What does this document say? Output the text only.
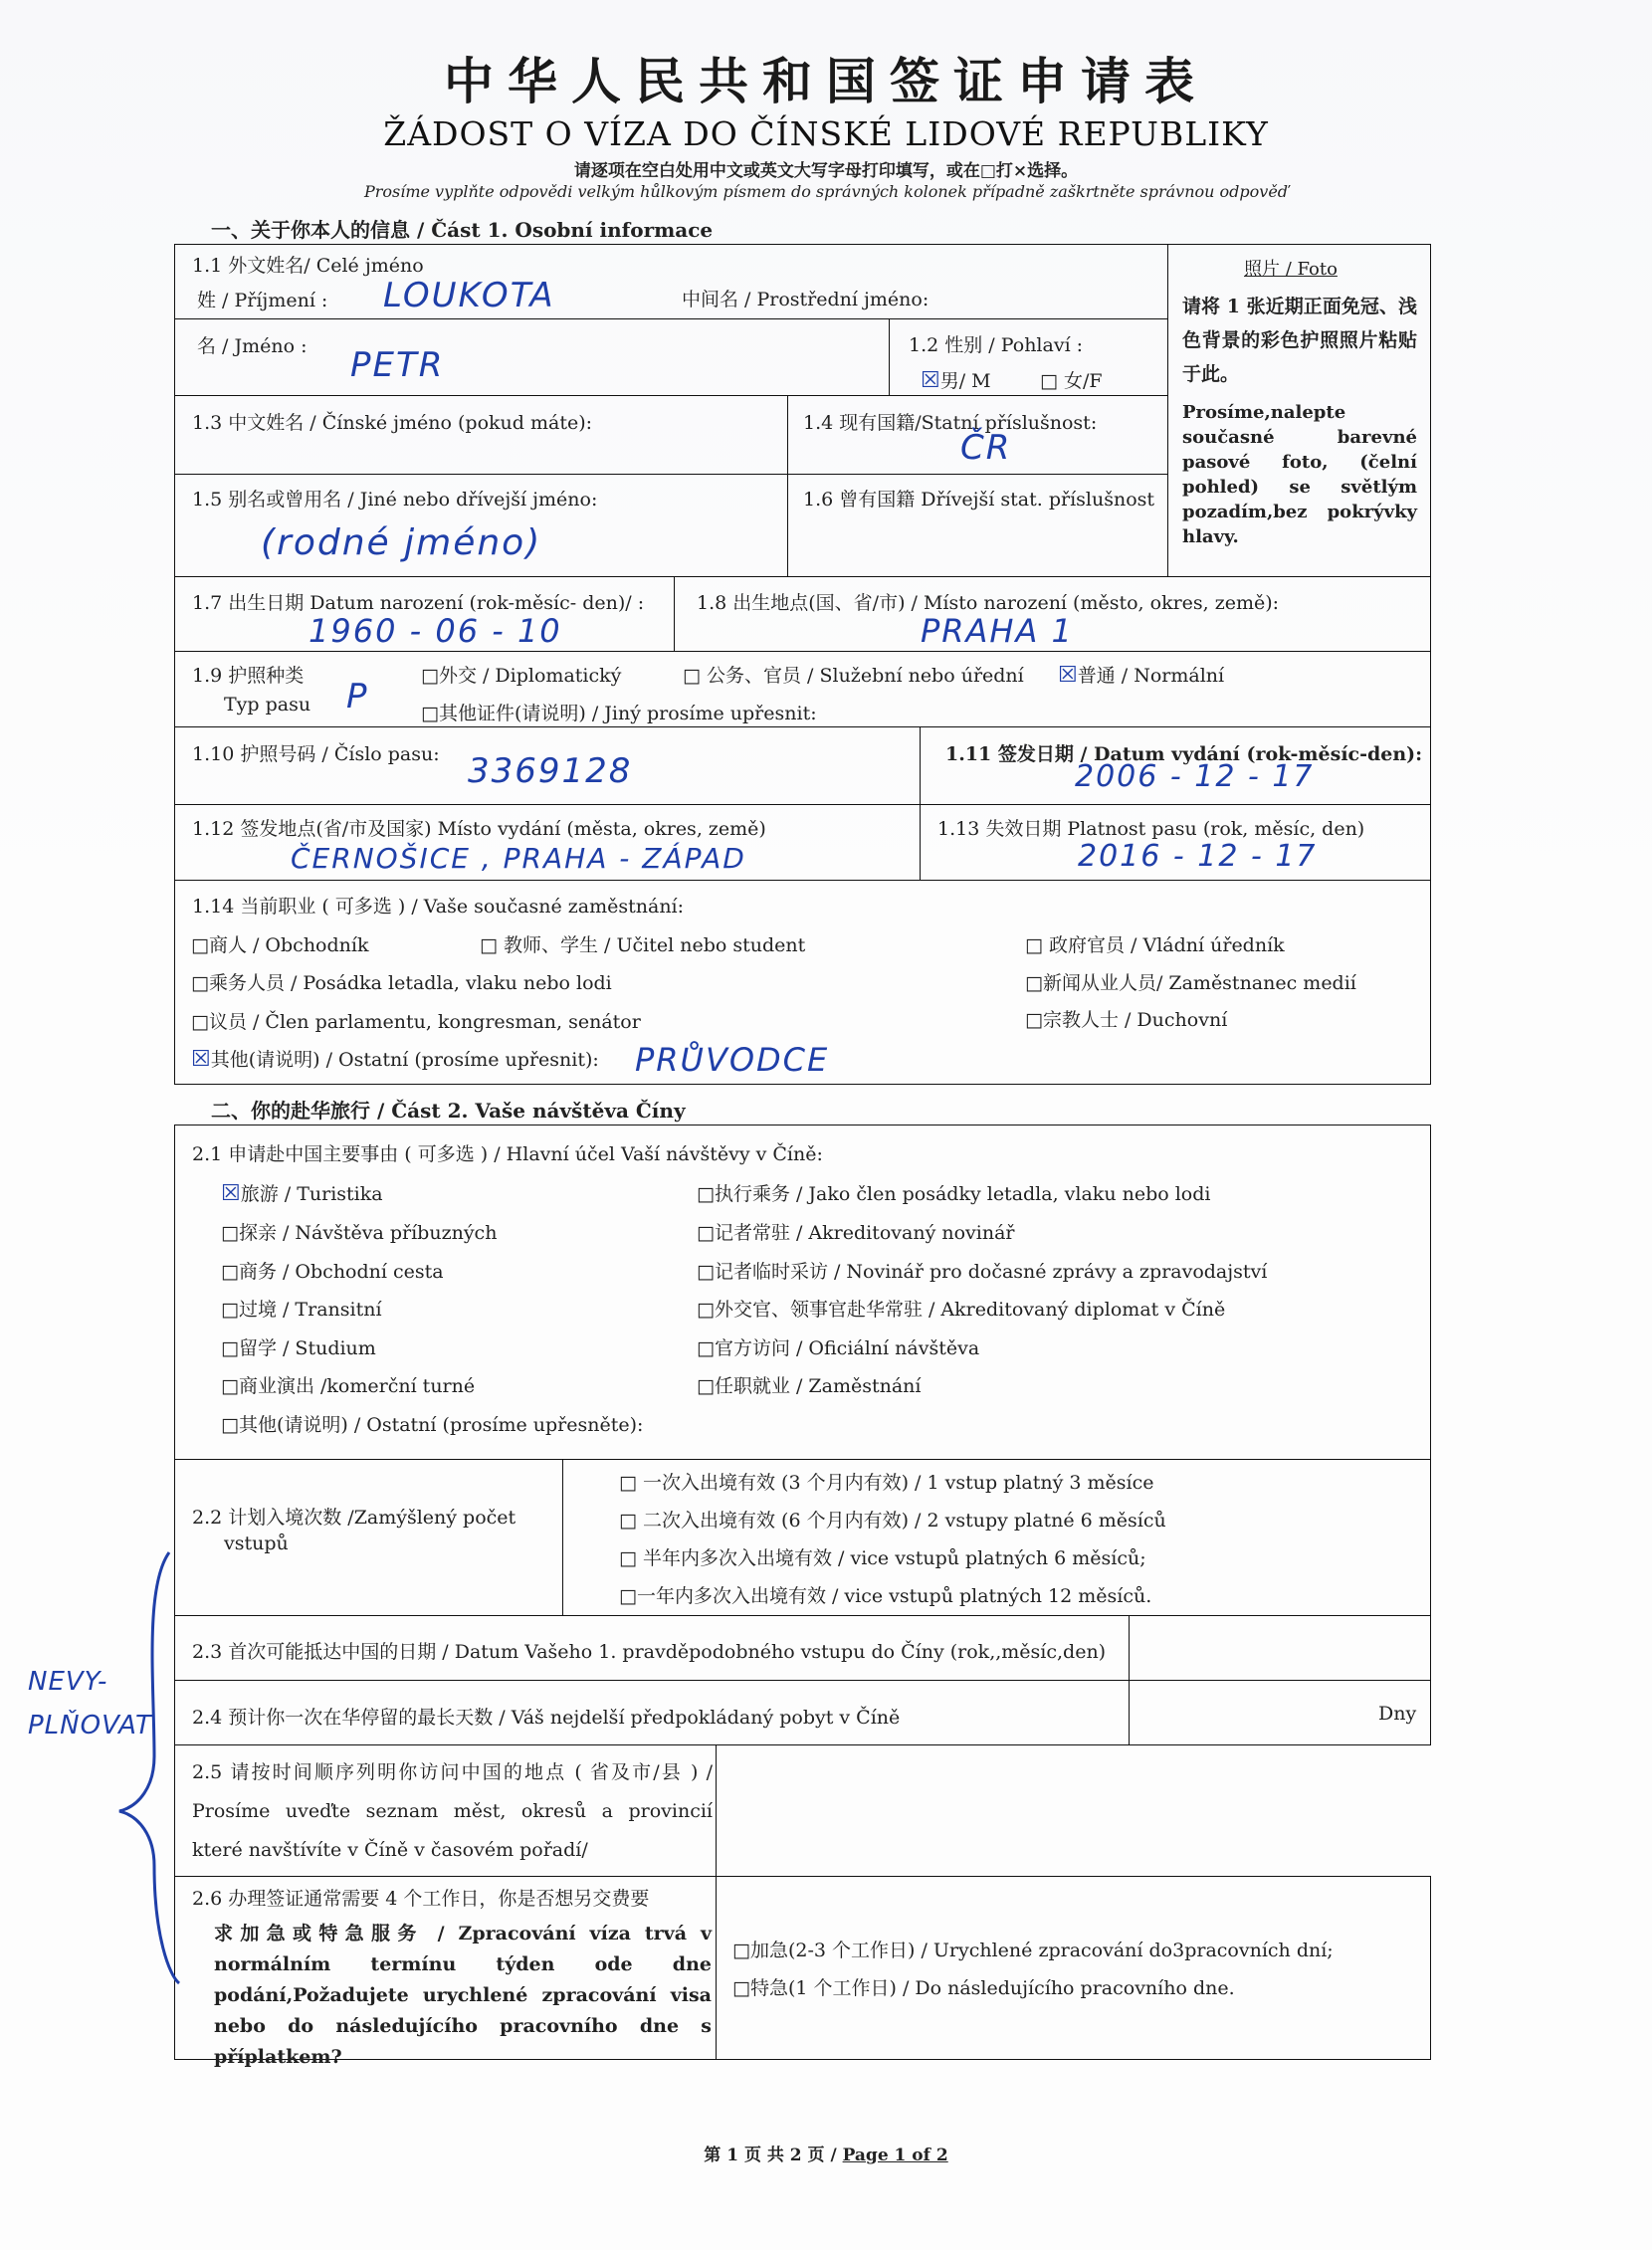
中华人民共和国签证申请表
ŽÁDOST O VÍZA DO ČÍNSKÉ LIDOVÉ REPUBLIKY
请逐项在空白处用中文或英文大写字母打印填写，或在□打×选择。
Prosíme vyplňte odpovědi velkým hůlkovým písmem do správných kolonek případně zaškrtněte správnou odpověď
一、关于你本人的信息 / Část 1. Osobní informace
1.1 外文姓名/ Celé jméno
姓 / Příjmení : LOUKOTA	中间名 / Prostřední jméno:
名 / Jméno : PETR	1.2 性别 / Pohlaví :
☒男/ M	□ 女/F
照片 / Foto
请将 1 张近期正面免冠、浅色背景的彩色护照照片粘贴于此。
Prosíme,nalepte současné barevné pasové foto, (čelní pohled) se světlým pozadím,bez pokrývky hlavy.
1.3 中文姓名 / Čínské jméno (pokud máte):	1.4 现有国籍/Statní příslušnost:
ČR
1.5 别名或曾用名 / Jiné nebo dřívejší jméno:
(rodné jméno)
1.6 曾有国籍 Dřívejší stat. příslušnost
1.7 出生日期 Datum narození (rok-měsíc- den)/ :
1960 - 06 - 10
1.8 出生地点(国、省/市) / Místo narození (město, okres, země):
PRAHA 1
1.9 护照种类
Typ pasu P
□外交 / Diplomatický	□ 公务、官员 / Služební nebo úřední ☒普通 / Normální
□其他证件(请说明) / Jiný prosíme upřesnit:
1.10 护照号码 / Číslo pasu: 3369128	1.11 签发日期 / Datum vydání (rok-měsíc-den):
2006 - 12 - 17
1.12 签发地点(省/市及国家) Místo vydání (města, okres, země)
ČERNOŠICE , PRAHA - ZÁPAD
1.13 失效日期 Platnost pasu (rok, měsíc, den)
2016 - 12 - 17
1.14 当前职业 ( 可多选 ) / Vaše současné zaměstnání:
□商人 / Obchodník	□ 教师、学生 / Učitel nebo student	□ 政府官员 / Vládní úředník
□乘务人员 / Posádka letadla, vlaku nebo lodi	□新闻从业人员/ Zaměstnanec medií
□议员 / Člen parlamentu, kongresman, senátor	□宗教人士 / Duchovní
☒其他(请说明) / Ostatní (prosíme upřesnit): PRŮVODCE
二、你的赴华旅行 / Část 2. Vaše návštěva Číny
2.1 申请赴中国主要事由 ( 可多选 ) / Hlavní účel Vaší návštěvy v Číně:
☒旅游 / Turistika
□探亲 / Návštěva příbuzných
□商务 / Obchodní cesta
□过境 / Transitní
□留学 / Studium
□商业演出 /komerční turné
□其他(请说明) / Ostatní (prosíme upřesněte):
□执行乘务 / Jako člen posádky letadla, vlaku nebo lodi
□记者常驻 / Akreditovaný novinář
□记者临时采访 / Novinář pro dočasné zprávy a zpravodajství
□外交官、领事官赴华常驻 / Akreditovaný diplomat v Číně
□官方访问 / Oficiální návštěva
□任职就业 / Zaměstnání
2.2 计划入境次数 /Zamýšlený počet
vstupů
□ 一次入出境有效 (3 个月内有效) / 1 vstup platný 3 měsíce
□ 二次入出境有效 (6 个月内有效) / 2 vstupy platné 6 měsíců
□ 半年内多次入出境有效 / vice vstupů platných 6 měsíců;
□一年内多次入出境有效 / vice vstupů platných 12 měsíců.
2.3 首次可能抵达中国的日期 / Datum Vašeho 1. pravděpodobného vstupu do Číny (rok,,měsíc,den)
2.4 预计你一次在华停留的最长天数 / Váš nejdelší předpokládaný pobyt v Číně	Dny
2.5 请按时间顺序列明你访问中国的地点 ( 省及市/县 ) / Prosíme uveďte seznam měst, okresů a provincií které navštívíte v Číně v časovém pořadí/
2.6 办理签证通常需要 4 个工作日，你是否想另交费要
求加急或特急服务 / Zpracování víza trvá v normálním termínu týden ode dne podání,Požadujete urychlené zpracování visa nebo do následujícího pracovního dne s příplatkem?
□加急(2-3 个工作日) / Urychlené zpracování do3pracovních dní;
□特急(1 个工作日) / Do následujícího pracovního dne.
NEVY- PLŇOVAT
第 1 页 共 2 页 / Page 1 of 2
